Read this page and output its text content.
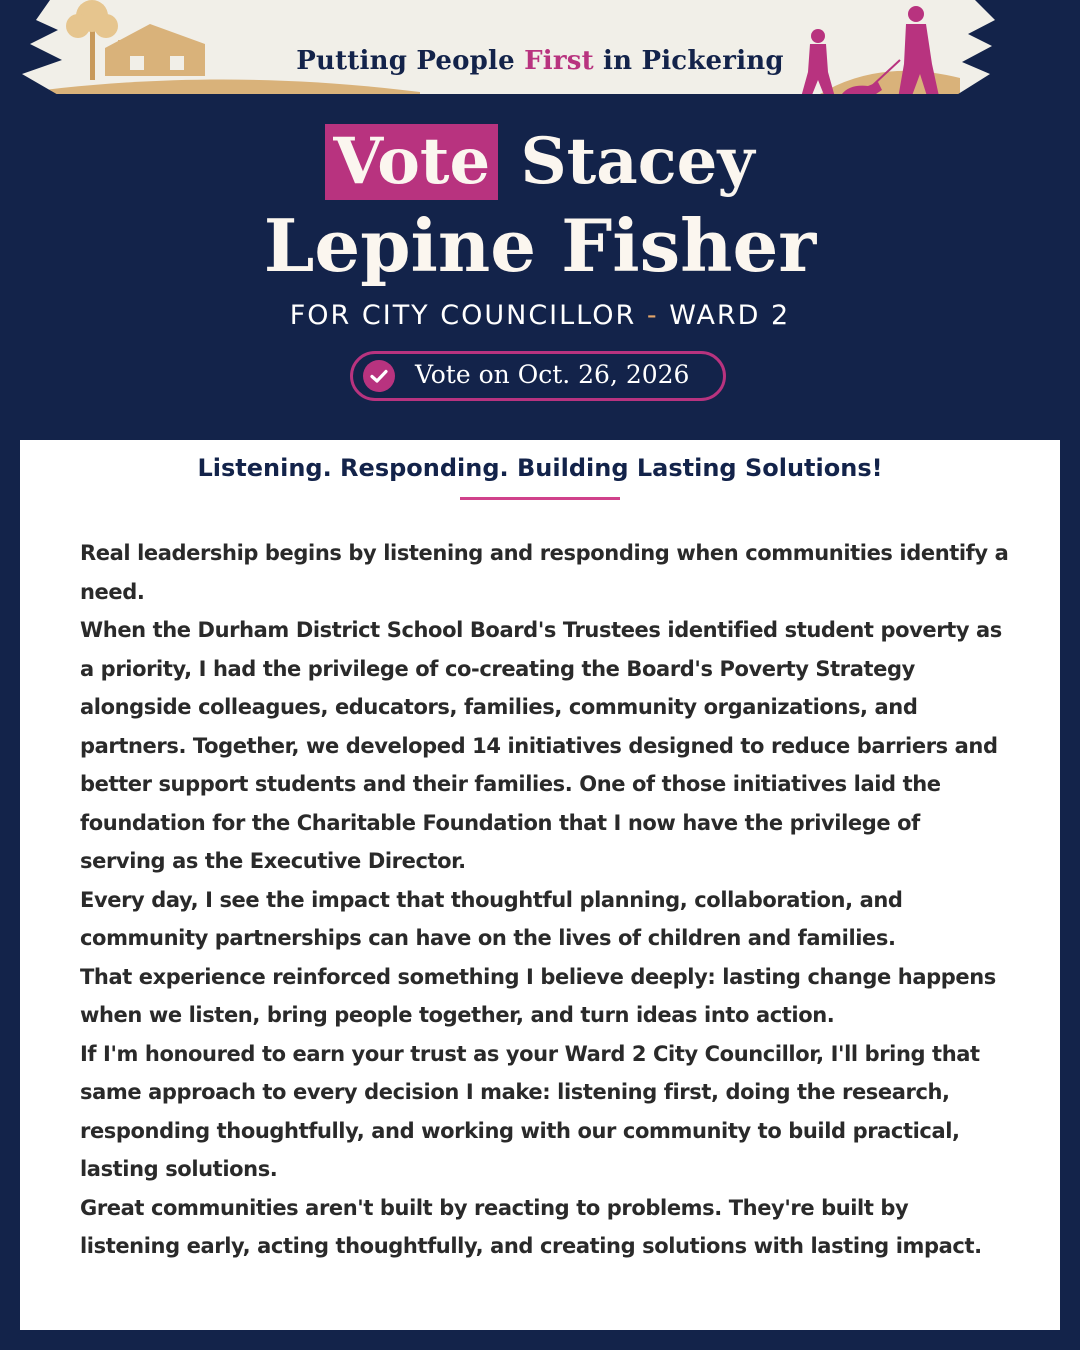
Putting People First in Pickering
Vote Stacey
Lepine Fisher
FOR CITY COUNCILLOR - WARD 2
Vote on Oct. 26, 2026
Listening. Responding. Building Lasting Solutions!

Real leadership begins by listening and responding when communities identify a need.

When the Durham District School Board's Trustees identified student poverty as a priority, I had the privilege of co-creating the Board's Poverty Strategy alongside colleagues, educators, families, community organizations, and partners. Together, we developed 14 initiatives designed to reduce barriers and better support students and their families. One of those initiatives laid the foundation for the Charitable Foundation that I now have the privilege of serving as the Executive Director.

Every day, I see the impact that thoughtful planning, collaboration, and community partnerships can have on the lives of children and families.

That experience reinforced something I believe deeply: lasting change happens when we listen, bring people together, and turn ideas into action.

If I'm honoured to earn your trust as your Ward 2 City Councillor, I'll bring that same approach to every decision I make: listening first, doing the research, responding thoughtfully, and working with our community to build practical, lasting solutions.

Great communities aren't built by reacting to problems. They're built by listening early, acting thoughtfully, and creating solutions with lasting impact.
